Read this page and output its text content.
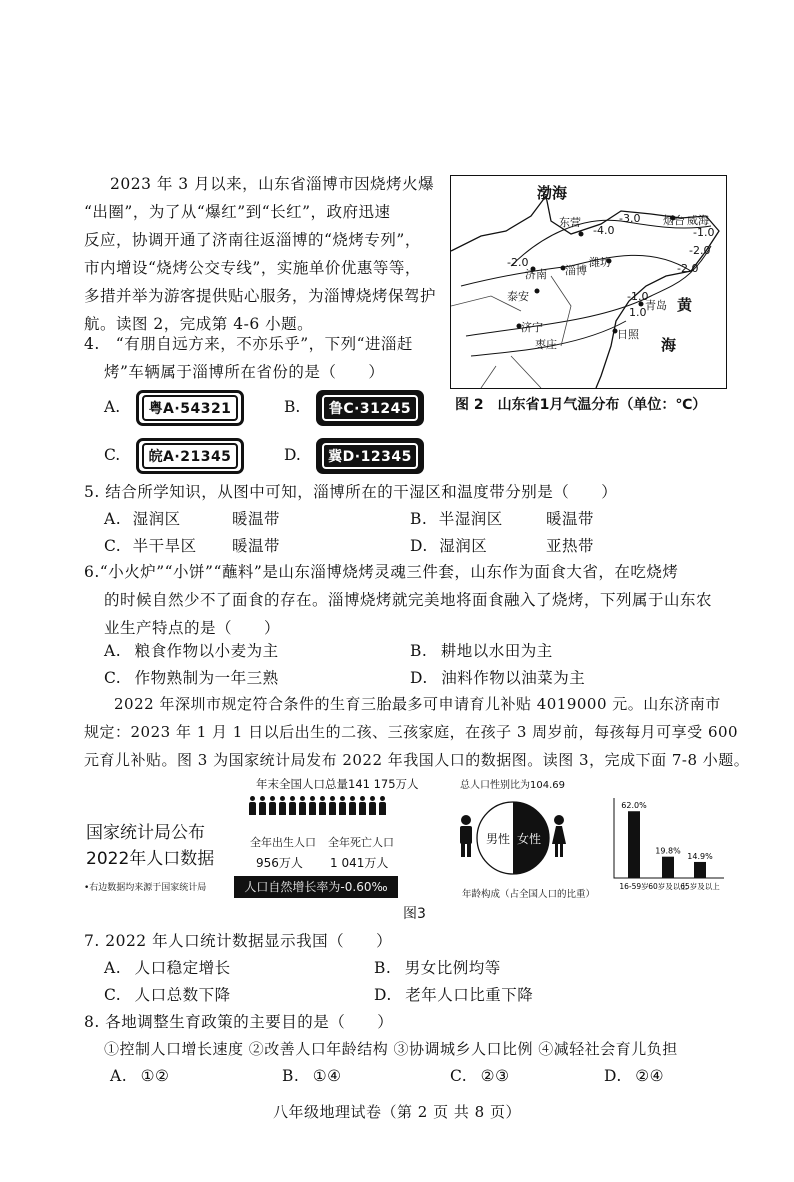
2023 年 3 月以来，山东省淄博市因烧烤火爆
“出圈”，为了从“爆红”到“长红”，政府迅速
反应，协调开通了济南往返淄博的“烧烤专列”，
市内增设“烧烤公交专线”，实施单价优惠等等，
多措并举为游客提供贴心服务，为淄博烧烤保驾护
航。读图 2，完成第 4-6 小题。
渤海
东营	烟台 威海
济南 淄博
潍坊
泰安
青岛 黄
济宁
日照
枣庄	海
-4.0
-3.0
-1.0
-2.0
-2.0
-2.0
-1.0
1.0
图 2　山东省1月气温分布（单位：℃）
4.　“有朋自远方来，不亦乐乎”，下列“进淄赶
烤”车辆属于淄博所在省份的是（　　）
A.	粤A·54321	B.	鲁C·31245
C.	皖A·21345	D.	冀D·12345
5. 结合所学知识，从图中可知，淄博所在的干湿区和温度带分别是（　　）
A. 湿润区	暖温带	B. 半湿润区	暖温带
C. 半干旱区 暖温带	D. 湿润区	亚热带
6.“小火炉”“小饼”“蘸料”是山东淄博烧烤灵魂三件套，山东作为面食大省，在吃烧烤
的时候自然少不了面食的存在。淄博烧烤就完美地将面食融入了烧烤，下列属于山东农
业生产特点的是（　　）
A. 粮食作物以小麦为主	B. 耕地以水田为主
C. 作物熟制为一年三熟	D. 油料作物以油菜为主
2022 年深圳市规定符合条件的生育三胎最多可申请育儿补贴 4019000 元。山东济南市
规定：2023 年 1 月 1 日以后出生的二孩、三孩家庭，在孩子 3 周岁前，每孩每月可享受 600
元育儿补贴。图 3 为国家统计局发布 2022 年我国人口的数据图。读图 3，完成下面 7-8 小题。
国家统计局公布
2022年人口数据
•右边数据均来源于国家统计局
年末全国人口总量141 175万人
全年出生人口
956万人
全年死亡人口
1 041万人
人口自然增长率为-0.60‰
总人口性别比为104.69
男性 女性
年龄构成（占全国人口的比重）
62.0%
16-59岁
19.8%
60岁及以上
14.9%
65岁及以上
图3
7. 2022 年人口统计数据显示我国（　　）
A. 人口稳定增长	B. 男女比例均等
C. 人口总数下降	D. 老年人口比重下降
8. 各地调整生育政策的主要目的是（　　）
①控制人口增长速度 ②改善人口年龄结构 ③协调城乡人口比例 ④减轻社会育儿负担
A. ①②	B. ①④	C. ②③	D. ②④
八年级地理试卷（第 2 页 共 8 页）
